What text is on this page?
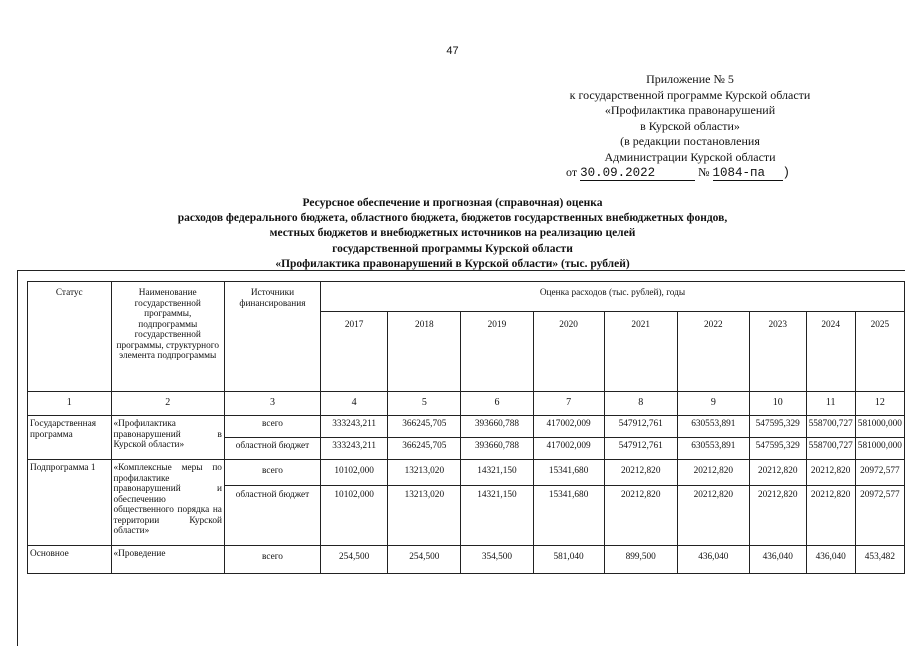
47
Приложение № 5
к государственной программе Курской области
«Профилактика правонарушений
в Курской области»
(в редакции постановления
Администрации Курской области
от 30.09.2022	№ 1084-па )
Ресурсное обеспечение и прогнозная (справочная) оценка
расходов федерального бюджета, областного бюджета, бюджетов государственных внебюджетных фондов,
местных бюджетов и внебюджетных источников на реализацию целей
государственной программы Курской области
«Профилактика правонарушений в Курской области» (тыс. рублей)
Статус	Наименование государственной программы, подпрограммы государственной программы, структурного элемента подпрограммы	Источники финансирования	Оценка расходов (тыс. рублей), годы								
			2017	2018	2019	2020	2021	2022	2023	2024	2025
1	2	3	4	5	6	7	8	9	10	11	12
Государственная программа	«Профилактика правонарушений в Курской области»	всего	333243,211	366245,705	393660,788	417002,009	547912,761	630553,891	547595,329	558700,727	581000,000
		областной бюджет	333243,211	366245,705	393660,788	417002,009	547912,761	630553,891	547595,329	558700,727	581000,000
Подпрограмма 1	«Комплексные меры по профилактике правонарушений и обеспечению общественного порядка на территории Курской области»	всего	10102,000	13213,020	14321,150	15341,680	20212,820	20212,820	20212,820	20212,820	20972,577
		областной бюджет	10102,000	13213,020	14321,150	15341,680	20212,820	20212,820	20212,820	20212,820	20972,577
Основное	«Проведение	всего	254,500	254,500	354,500	581,040	899,500	436,040	436,040	436,040	453,482
